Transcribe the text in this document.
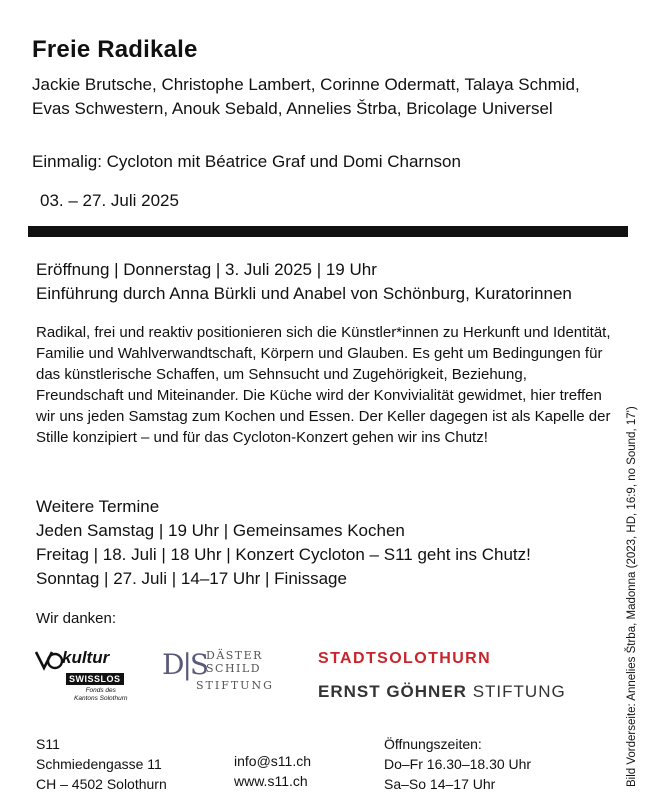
Freie Radikale
Jackie Brutsche, Christophe Lambert, Corinne Odermatt, Talaya Schmid, Evas Schwestern, Anouk Sebald, Annelies Štrba, Bricolage Universel
Einmalig: Cycloton mit Béatrice Graf und Domi Charnson
03. – 27. Juli 2025
Eröffnung | Donnerstag | 3. Juli 2025 | 19 Uhr
Einführung durch Anna Bürkli und Anabel von Schönburg, Kuratorinnen
Radikal, frei und reaktiv positionieren sich die Künstler*innen zu Herkunft und Identität, Familie und Wahlverwandtschaft, Körpern und Glauben. Es geht um Bedingungen für das künstlerische Schaffen, um Sehnsucht und Zugehörigkeit, Beziehung, Freundschaft und Miteinander. Die Küche wird der Konvivialität gewidmet, hier treffen wir uns jeden Samstag zum Kochen und Essen. Der Keller dagegen ist als Kapelle der Stille konzipiert – und für das Cycloton-Konzert gehen wir ins Chutz!
Weitere Termine
Jeden Samstag | 19 Uhr | Gemeinsames Kochen
Freitag | 18. Juli | 18 Uhr | Konzert Cycloton – S11 geht ins Chutz!
Sonntag | 27. Juli | 14–17 Uhr | Finissage
Wir danken:
kultur
SWISSLOS
Fonds des
Kantons Solothurn
D|S
DÄSTER
SCHILD
STIFTUNG
STADTSOLOTHURN
ERNST GÖHNER STIFTUNG
S11
Schmiedengasse 11
CH – 4502 Solothurn
info@s11.ch
www.s11.ch
Öffnungszeiten:
Do–Fr 16.30–18.30 Uhr
Sa–So 14–17 Uhr	Bild Vorderseite: Annelies Štrba, Madonna (2023, HD, 16:9, no Sound, 17')
